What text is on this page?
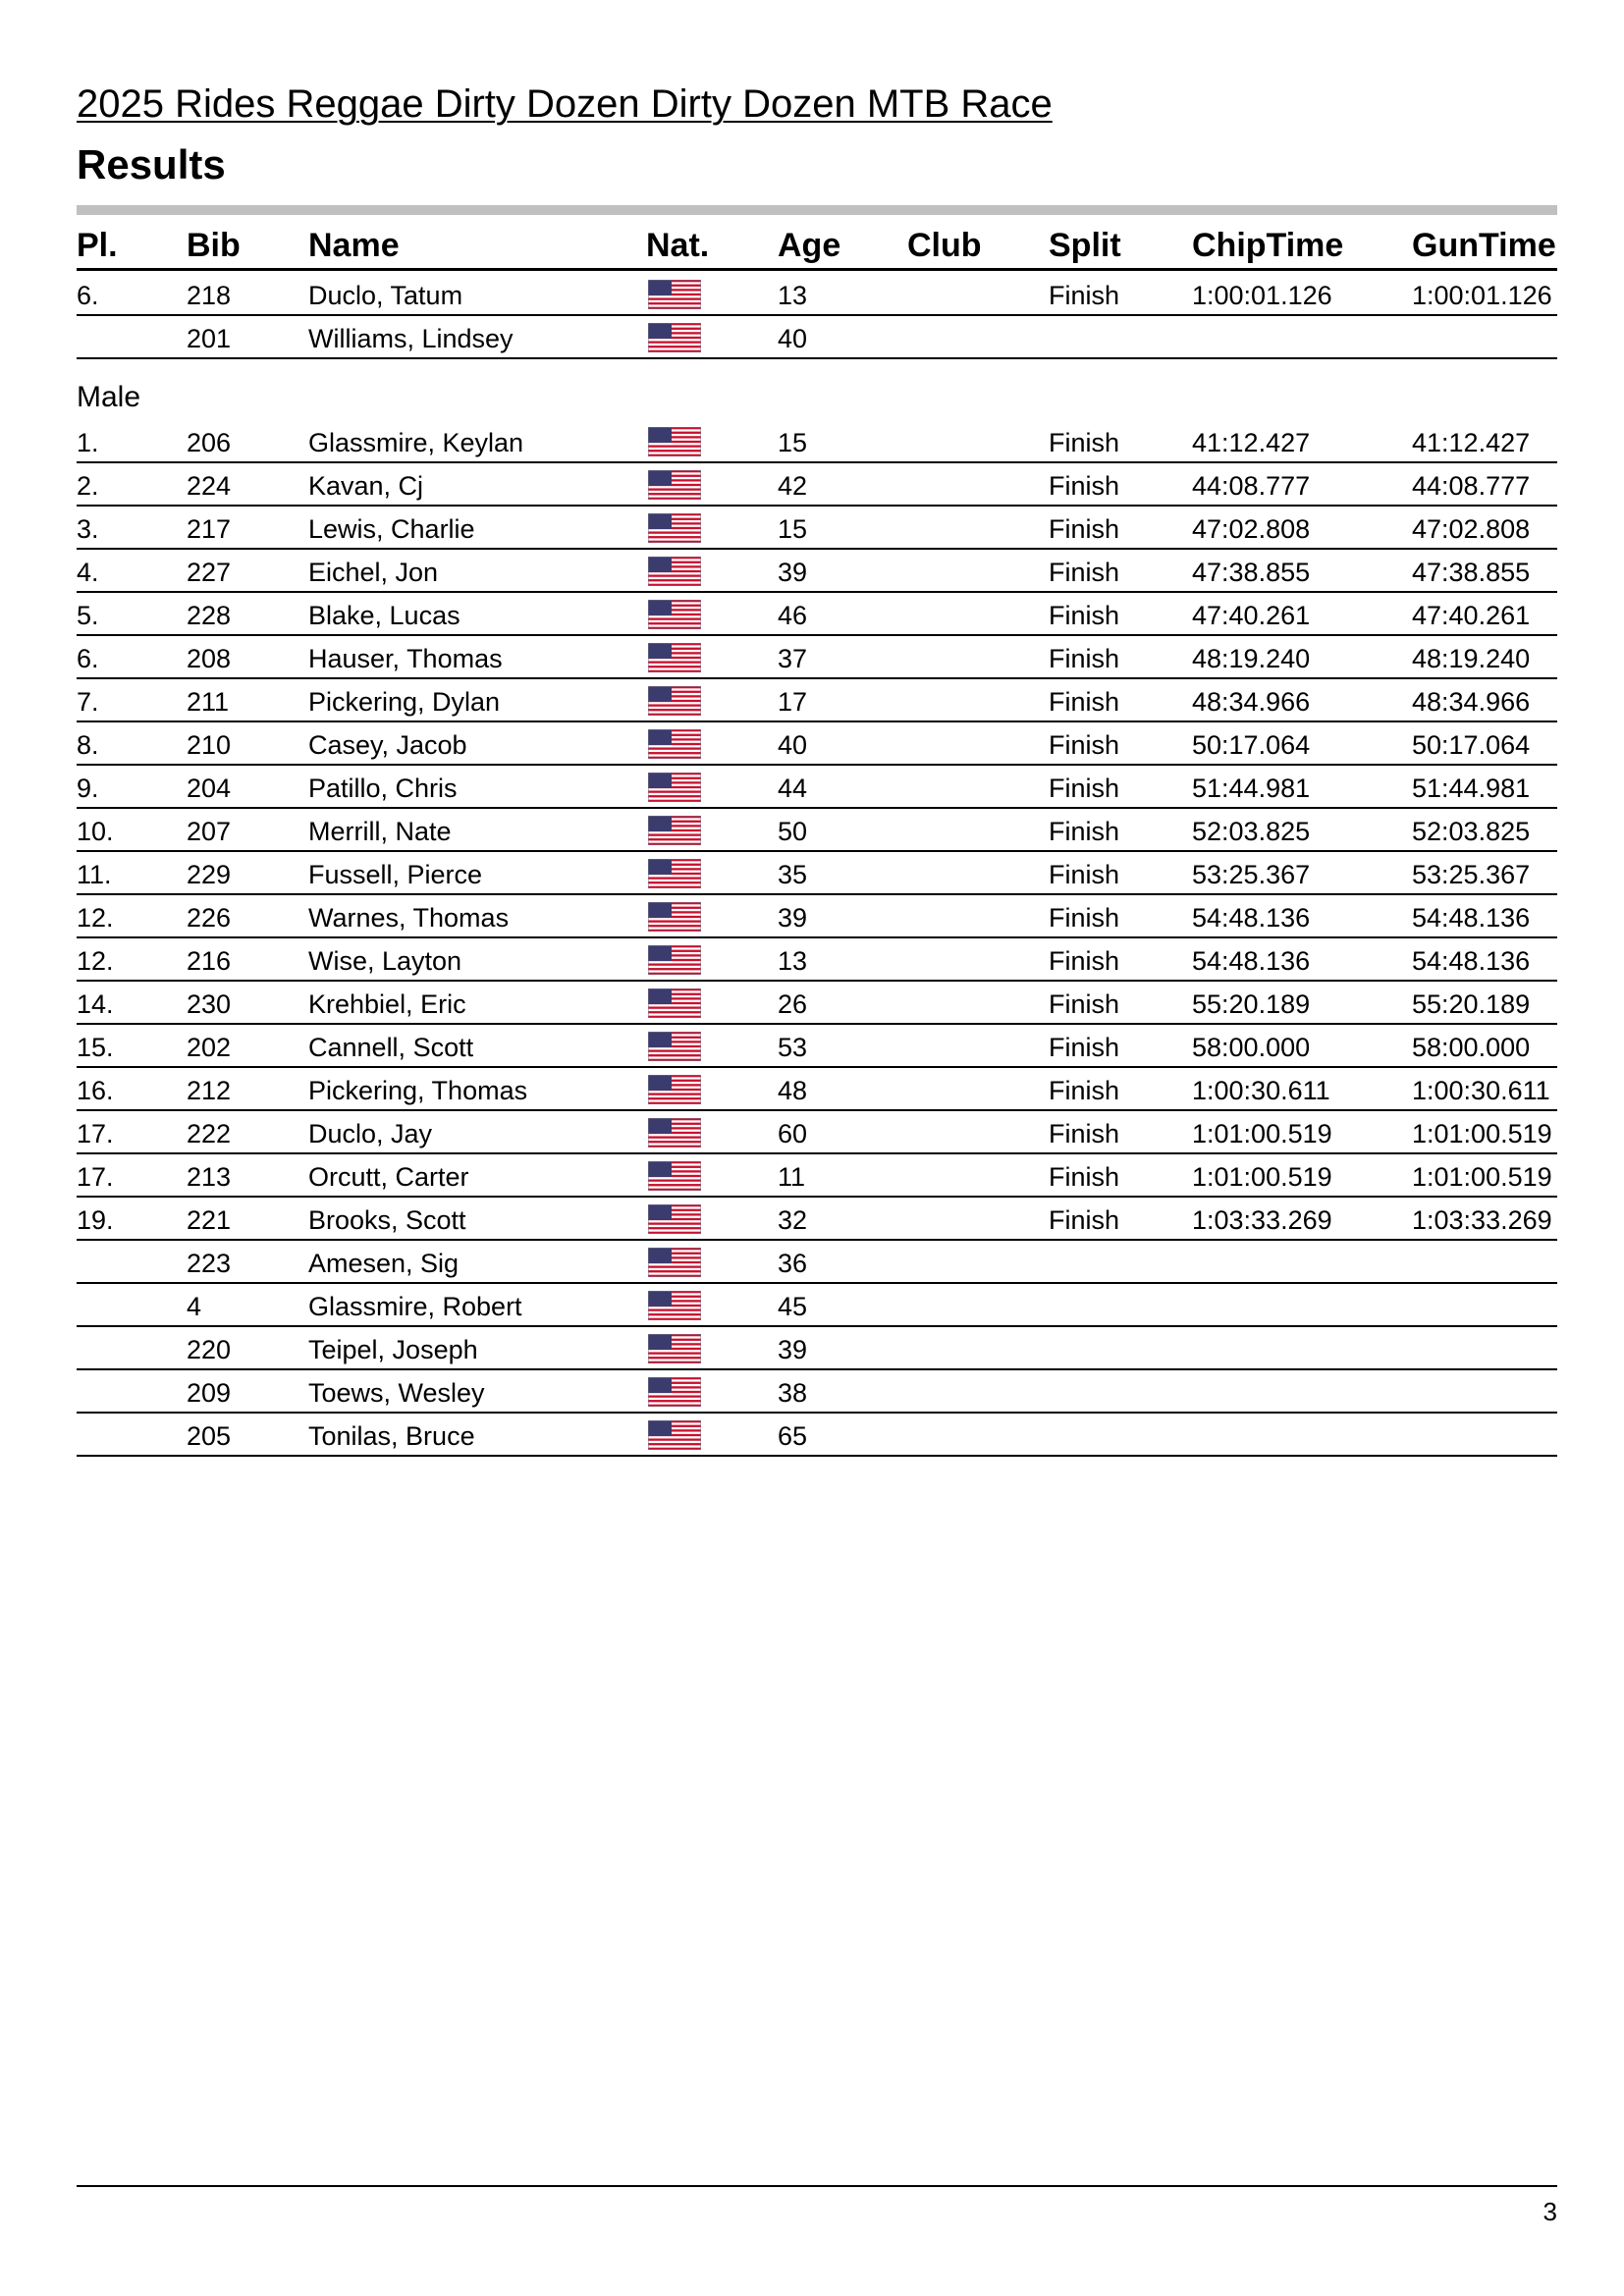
2025 Rides Reggae Dirty Dozen Dirty Dozen MTB Race
Results
Pl. Bib Name	Nat. Age Club Split ChipTime GunTime
6.	218	Duclo, Tatum	13	Finish	1:00:01.126	1:00:01.126
201	Williams, Lindsey	40
Male
1.	206	Glassmire, Keylan	15	Finish	41:12.427	41:12.427
2.	224	Kavan, Cj	42	Finish	44:08.777	44:08.777
3.	217	Lewis, Charlie	15	Finish	47:02.808	47:02.808
4.	227	Eichel, Jon	39	Finish	47:38.855	47:38.855
5.	228	Blake, Lucas	46	Finish	47:40.261	47:40.261
6.	208	Hauser, Thomas	37	Finish	48:19.240	48:19.240
7.	211	Pickering, Dylan	17	Finish	48:34.966	48:34.966
8.	210	Casey, Jacob	40	Finish	50:17.064	50:17.064
9.	204	Patillo, Chris	44	Finish	51:44.981	51:44.981
10.	207	Merrill, Nate	50	Finish	52:03.825	52:03.825
11.	229	Fussell, Pierce	35	Finish	53:25.367	53:25.367
12.	226	Warnes, Thomas	39	Finish	54:48.136	54:48.136
12.	216	Wise, Layton	13	Finish	54:48.136	54:48.136
14.	230	Krehbiel, Eric	26	Finish	55:20.189	55:20.189
15.	202	Cannell, Scott	53	Finish	58:00.000	58:00.000
16.	212	Pickering, Thomas	48	Finish	1:00:30.611	1:00:30.611
17.	222	Duclo, Jay	60	Finish	1:01:00.519	1:01:00.519
17.	213	Orcutt, Carter	11	Finish	1:01:00.519	1:01:00.519
19.	221	Brooks, Scott	32	Finish	1:03:33.269	1:03:33.269
223	Amesen, Sig	36
4	Glassmire, Robert	45
220	Teipel, Joseph	39
209	Toews, Wesley	38
205	Tonilas, Bruce	65
3
